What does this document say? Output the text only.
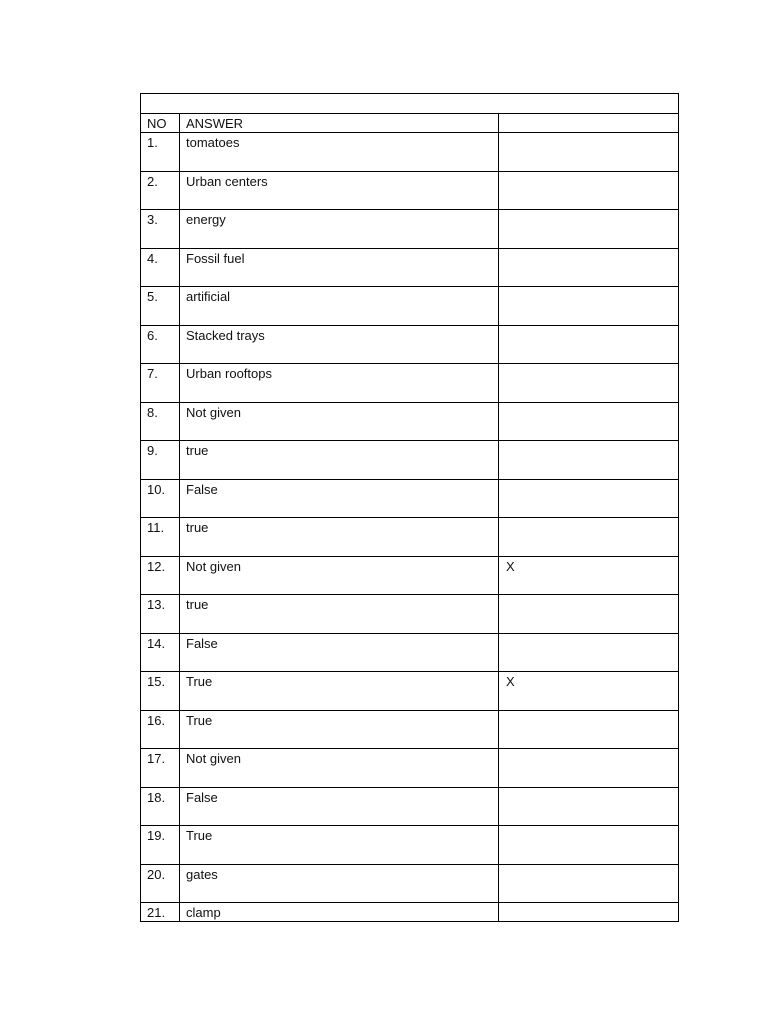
NO	ANSWER	
1.	tomatoes	
2.	Urban centers	
3.	energy	
4.	Fossil fuel	
5.	artificial	
6.	Stacked trays	
7.	Urban rooftops	
8.	Not given	
9.	true	
10.	False	
11.	true	
12.	Not given	X
13.	true	
14.	False	
15.	True	X
16.	True	
17.	Not given	
18.	False	
19.	True	
20.	gates	
21.	clamp	
